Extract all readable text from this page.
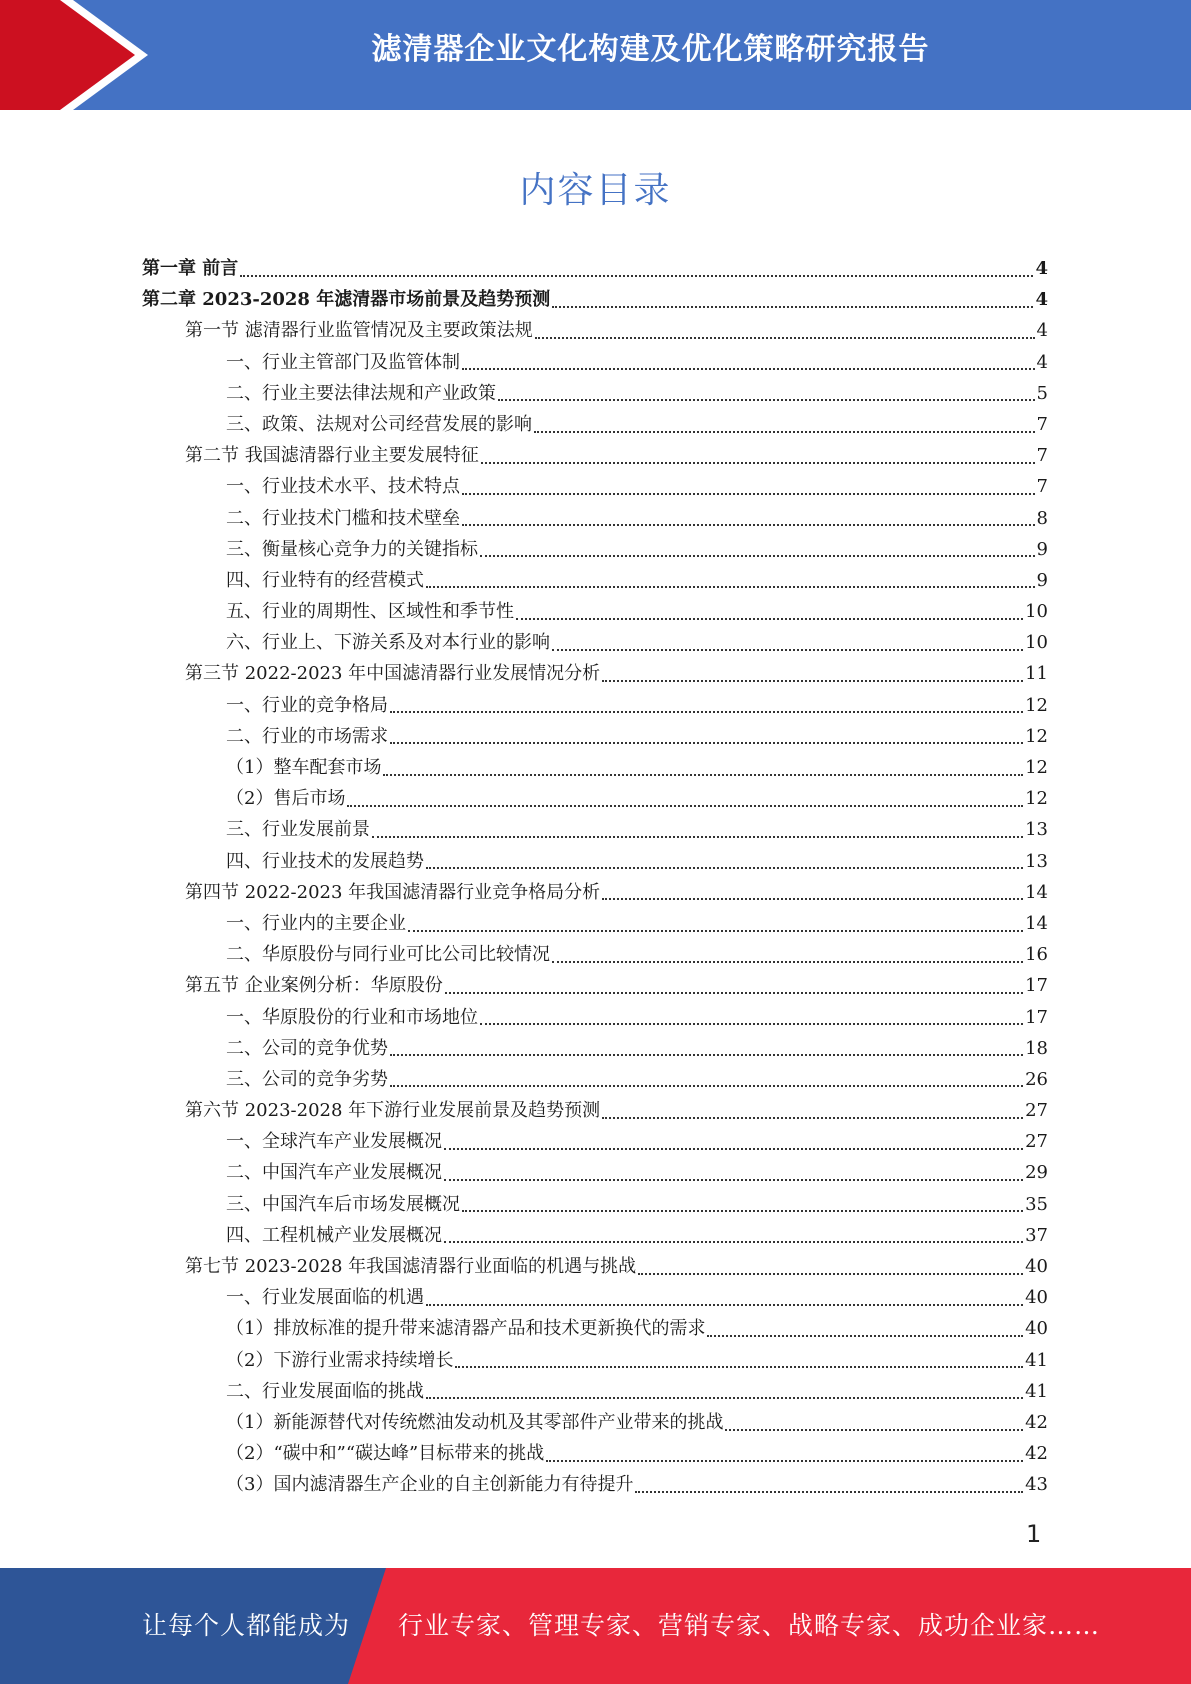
滤清器企业文化构建及优化策略研究报告
内容目录
第一章 前言	4
第二章 2023-2028 年滤清器市场前景及趋势预测	4
第一节 滤清器行业监管情况及主要政策法规	4
一、行业主管部门及监管体制	4
二、行业主要法律法规和产业政策	5
三、政策、法规对公司经营发展的影响	7
第二节 我国滤清器行业主要发展特征	7
一、行业技术水平、技术特点	7
二、行业技术门槛和技术壁垒	8
三、衡量核心竞争力的关键指标	9
四、行业特有的经营模式	9
五、行业的周期性、区域性和季节性	10
六、行业上、下游关系及对本行业的影响	10
第三节 2022-2023 年中国滤清器行业发展情况分析	11
一、行业的竞争格局	12
二、行业的市场需求	12
（1）整车配套市场	12
（2）售后市场	12
三、行业发展前景	13
四、行业技术的发展趋势	13
第四节 2022-2023 年我国滤清器行业竞争格局分析	14
一、行业内的主要企业	14
二、华原股份与同行业可比公司比较情况	16
第五节 企业案例分析：华原股份	17
一、华原股份的行业和市场地位	17
二、公司的竞争优势	18
三、公司的竞争劣势	26
第六节 2023-2028 年下游行业发展前景及趋势预测	27
一、全球汽车产业发展概况	27
二、中国汽车产业发展概况	29
三、中国汽车后市场发展概况	35
四、工程机械产业发展概况	37
第七节 2023-2028 年我国滤清器行业面临的机遇与挑战	40
一、行业发展面临的机遇	40
（1）排放标准的提升带来滤清器产品和技术更新换代的需求	40
（2）下游行业需求持续增长	41
二、行业发展面临的挑战	41
（1）新能源替代对传统燃油发动机及其零部件产业带来的挑战	42
（2）“碳中和”“碳达峰”目标带来的挑战	42
（3）国内滤清器生产企业的自主创新能力有待提升	43
1
让每个人都能成为 行业专家、管理专家、营销专家、战略专家、成功企业家……
